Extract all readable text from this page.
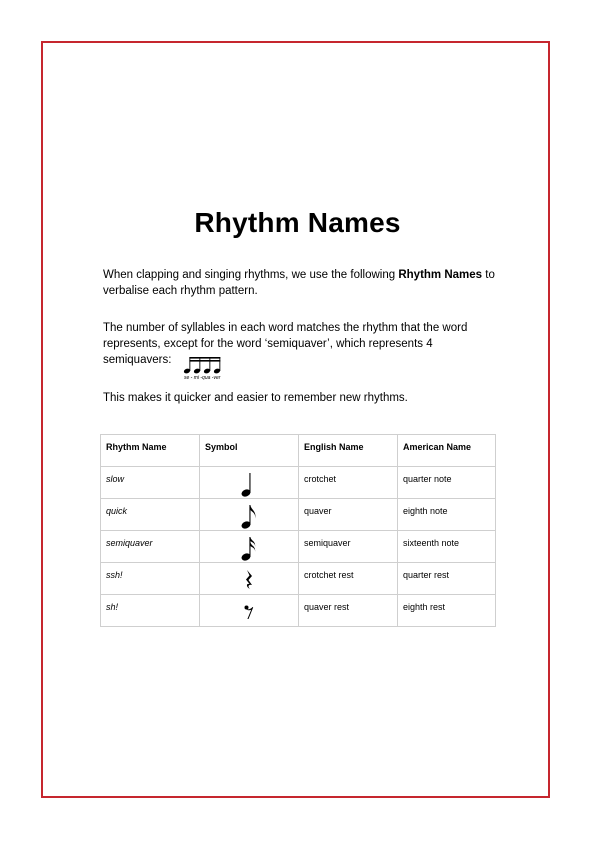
Rhythm Names
When clapping and singing rhythms, we use the following Rhythm Names to verbalise each rhythm pattern.
The number of syllables in each word matches the rhythm that the word represents, except for the word ‘semiquaver’, which represents 4 semiquavers:
se - mi -qua -ver
This makes it quicker and easier to remember new rhythms.
Rhythm Name	Symbol	English Name	American Name
slow		crotchet	quarter note
quick		quaver	eighth note
semiquaver		semiquaver	sixteenth note
ssh!		crotchet rest	quarter rest
sh!		quaver rest	eighth rest
